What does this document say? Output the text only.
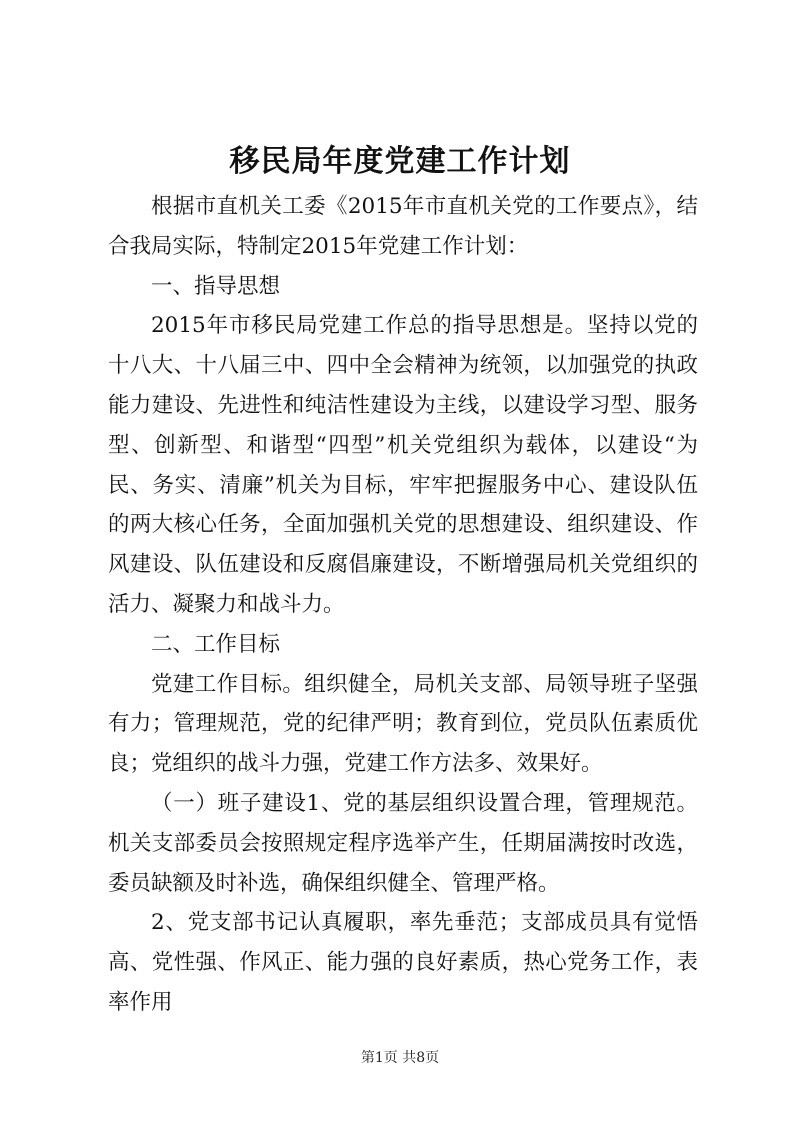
移民局年度党建工作计划

根据市直机关工委《2015年市直机关党的工作要点》，结合我局实际，特制定2015年党建工作计划：

一、指导思想

2015年市移民局党建工作总的指导思想是。坚持以党的十八大、十八届三中、四中全会精神为统领，以加强党的执政能力建设、先进性和纯洁性建设为主线，以建设学习型、服务型、创新型、和谐型“四型”机关党组织为载体，以建设“为民、务实、清廉”机关为目标，牢牢把握服务中心、建设队伍的两大核心任务，全面加强机关党的思想建设、组织建设、作风建设、队伍建设和反腐倡廉建设，不断增强局机关党组织的活力、凝聚力和战斗力。

二、工作目标

党建工作目标。组织健全，局机关支部、局领导班子坚强有力；管理规范，党的纪律严明；教育到位，党员队伍素质优良；党组织的战斗力强，党建工作方法多、效果好。

（一）班子建设1、党的基层组织设置合理，管理规范。机关支部委员会按照规定程序选举产生，任期届满按时改选，委员缺额及时补选，确保组织健全、管理严格。

2、党支部书记认真履职，率先垂范；支部成员具有觉悟高、党性强、作风正、能力强的良好素质，热心党务工作，表率作用

第1页 共8页
